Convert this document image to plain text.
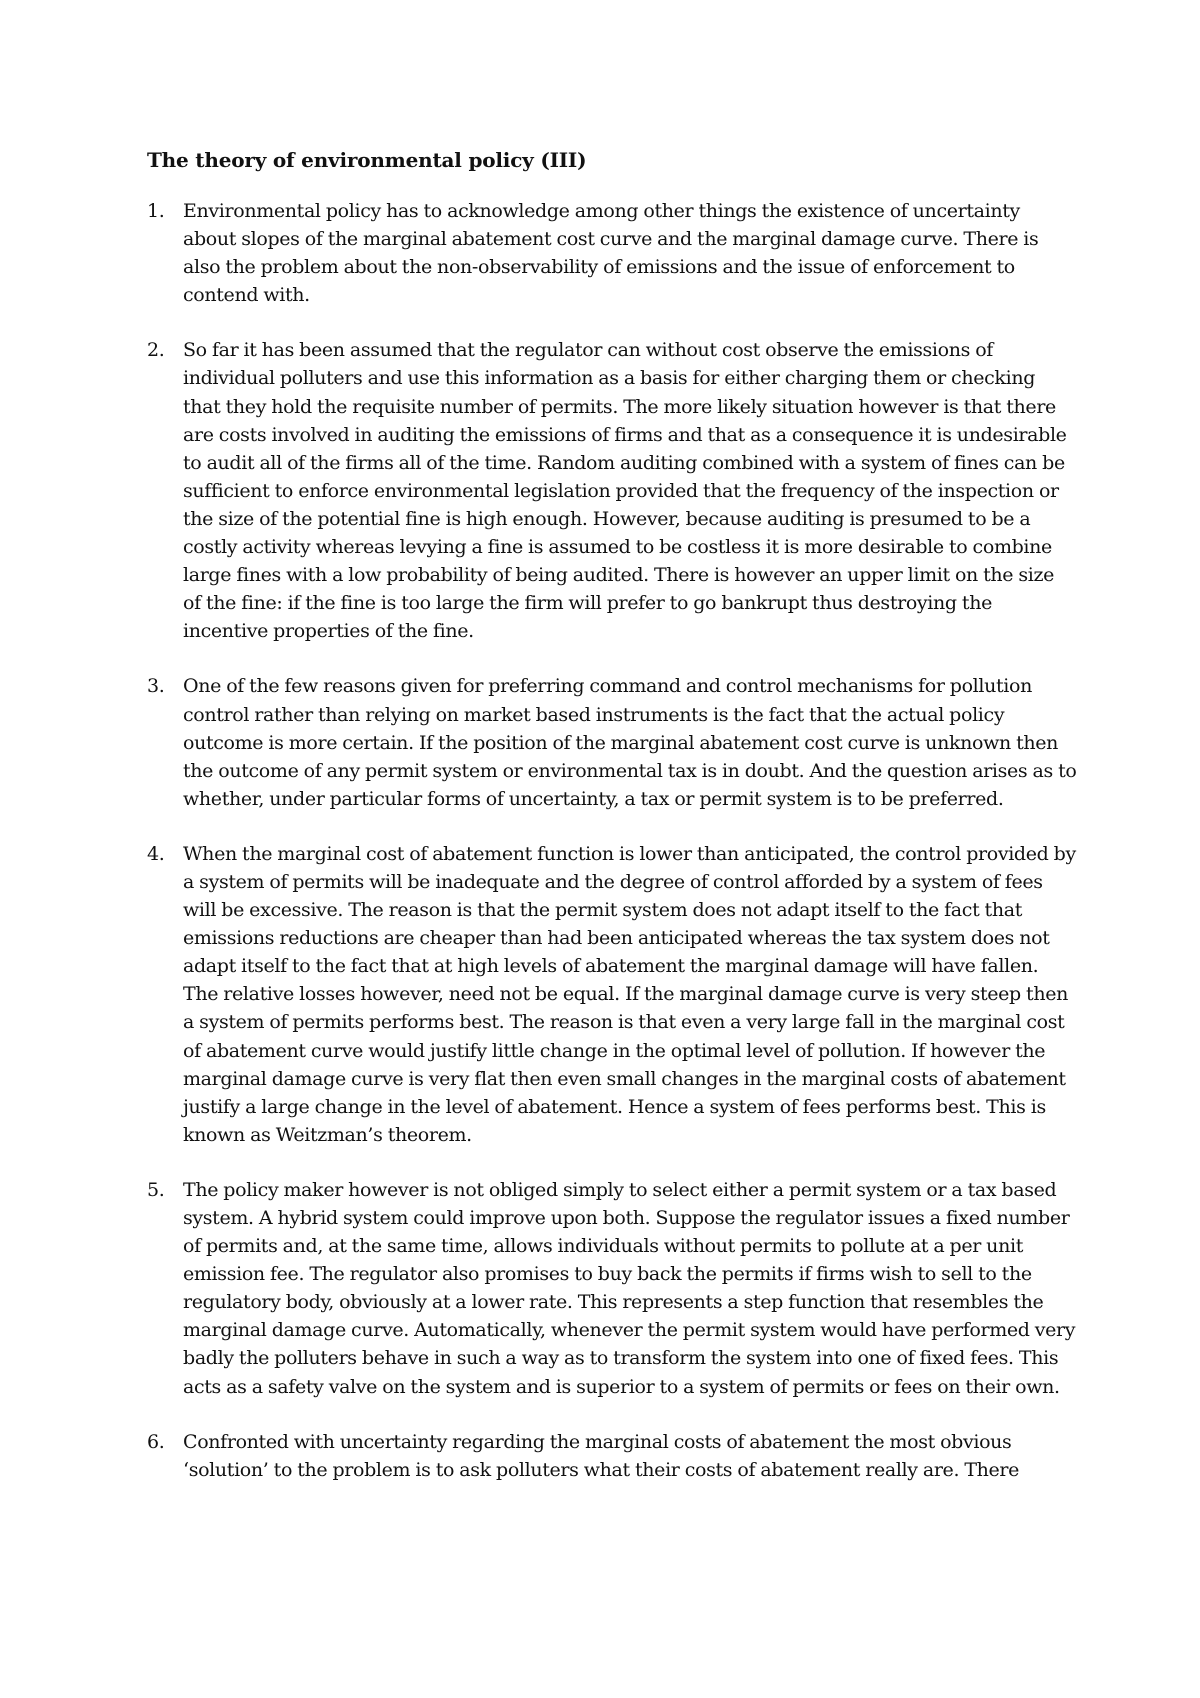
The theory of environmental policy (III)
1. Environmental policy has to acknowledge among other things the existence of uncertainty about slopes of the marginal abatement cost curve and the marginal damage curve. There is also the problem about the non-observability of emissions and the issue of enforcement to contend with.
2. So far it has been assumed that the regulator can without cost observe the emissions of individual polluters and use this information as a basis for either charging them or checking that they hold the requisite number of permits. The more likely situation however is that there are costs involved in auditing the emissions of firms and that as a consequence it is undesirable to audit all of the firms all of the time. Random auditing combined with a system of fines can be sufficient to enforce environmental legislation provided that the frequency of the inspection or the size of the potential fine is high enough. However, because auditing is presumed to be a costly activity whereas levying a fine is assumed to be costless it is more desirable to combine large fines with a low probability of being audited. There is however an upper limit on the size of the fine: if the fine is too large the firm will prefer to go bankrupt thus destroying the incentive properties of the fine.
3. One of the few reasons given for preferring command and control mechanisms for pollution control rather than relying on market based instruments is the fact that the actual policy outcome is more certain. If the position of the marginal abatement cost curve is unknown then the outcome of any permit system or environmental tax is in doubt. And the question arises as to whether, under particular forms of uncertainty, a tax or permit system is to be preferred.
4. When the marginal cost of abatement function is lower than anticipated, the control provided by a system of permits will be inadequate and the degree of control afforded by a system of fees will be excessive. The reason is that the permit system does not adapt itself to the fact that emissions reductions are cheaper than had been anticipated whereas the tax system does not adapt itself to the fact that at high levels of abatement the marginal damage will have fallen. The relative losses however, need not be equal. If the marginal damage curve is very steep then a system of permits performs best. The reason is that even a very large fall in the marginal cost of abatement curve would justify little change in the optimal level of pollution. If however the marginal damage curve is very flat then even small changes in the marginal costs of abatement justify a large change in the level of abatement. Hence a system of fees performs best. This is known as Weitzman’s theorem.
5. The policy maker however is not obliged simply to select either a permit system or a tax based system. A hybrid system could improve upon both. Suppose the regulator issues a fixed number of permits and, at the same time, allows individuals without permits to pollute at a per unit emission fee. The regulator also promises to buy back the permits if firms wish to sell to the regulatory body, obviously at a lower rate. This represents a step function that resembles the marginal damage curve. Automatically, whenever the permit system would have performed very badly the polluters behave in such a way as to transform the system into one of fixed fees. This acts as a safety valve on the system and is superior to a system of permits or fees on their own.
6. Confronted with uncertainty regarding the marginal costs of abatement the most obvious ‘solution’ to the problem is to ask polluters what their costs of abatement really are. There
